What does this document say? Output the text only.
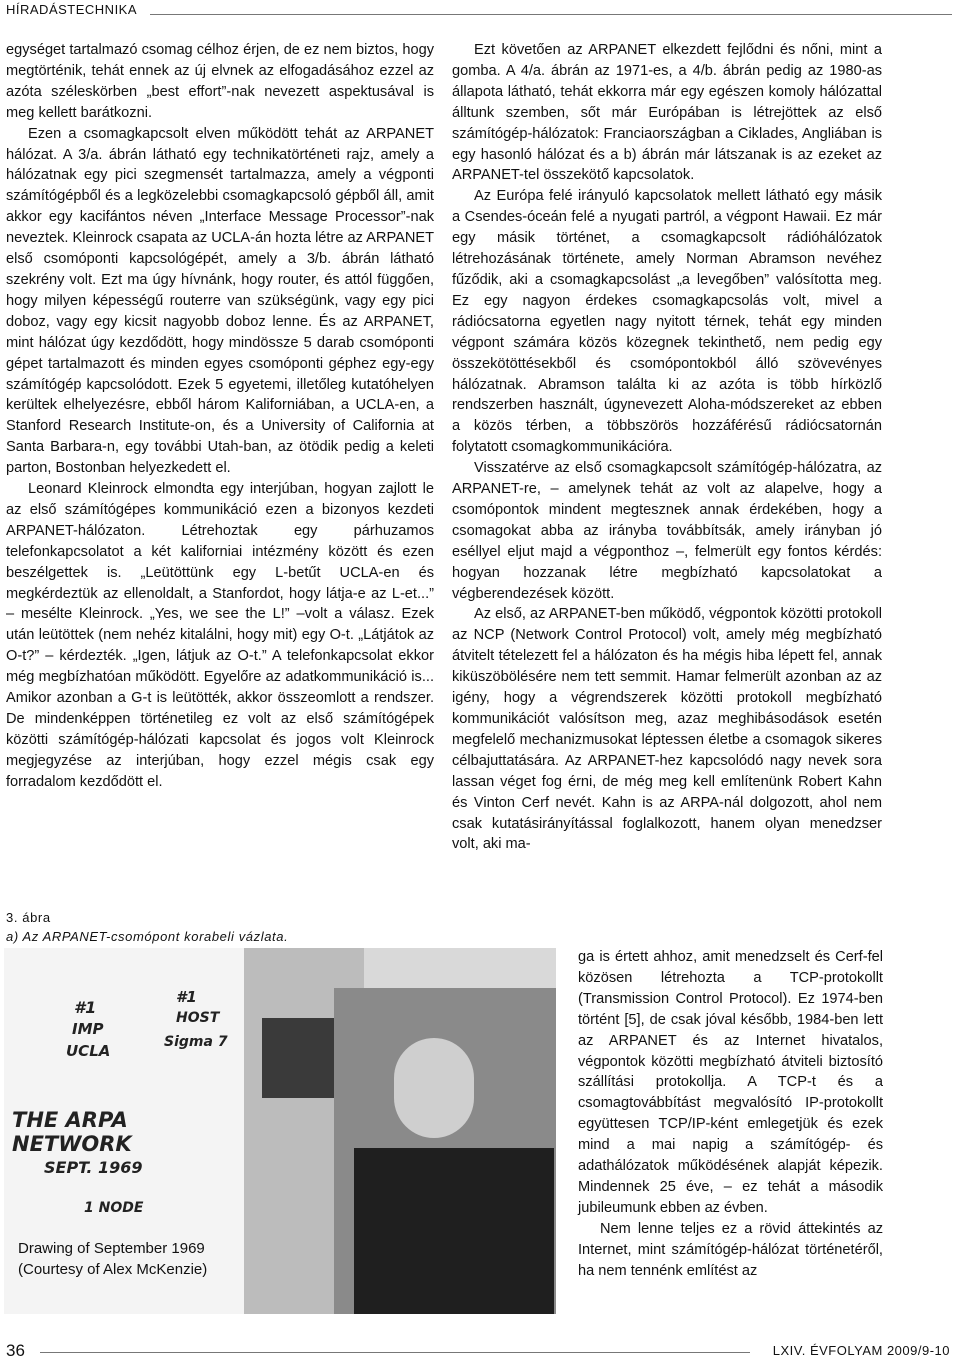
HÍRADÁSTECHNIKA

egységet tartalmazó csomag célhoz érjen, de ez nem biztos, hogy megtörténik, tehát ennek az új elvnek az elfogadásához ezzel az azóta széleskörben „best effort”-nak nevezett aspektusával is meg kellett barátkozni.

Ezen a csomagkapcsolt elven működött tehát az ARPANET hálózat. A 3/a. ábrán látható egy technikatörténeti rajz, amely a hálózatnak egy pici szegmensét tartalmazza, amely a végponti számítógépből és a legközelebbi csomagkapcsoló gépből áll, amit akkor egy kacifántos néven „Interface Message Processor”-nak neveztek. Kleinrock csapata az UCLA-án hozta létre az ARPANET első csomóponti kapcsológépét, amely a 3/b. ábrán látható szekrény volt. Ezt ma úgy hívnánk, hogy router, és attól függően, hogy milyen képességű routerre van szükségünk, vagy egy pici doboz, vagy egy kicsit nagyobb doboz lenne. És az ARPANET, mint hálózat úgy kezdődött, hogy mindössze 5 darab csomóponti gépet tartalmazott és minden egyes csomóponti géphez egy-egy számítógép kapcsolódott. Ezek 5 egyetemi, illetőleg kutatóhelyen kerültek elhelyezésre, ebből három Kaliforniában, a UCLA-en, a Stanford Research Institute-on, és a University of California at Santa Barbara-n, egy további Utah-ban, az ötödik pedig a keleti parton, Bostonban helyezkedett el.

Leonard Kleinrock elmondta egy interjúban, hogyan zajlott le az első számítógépes kommunikáció ezen a bizonyos kezdeti ARPANET-hálózaton. Létrehoztak egy párhuzamos telefonkapcsolatot a két kaliforniai intézmény között és ezen beszélgettek is. „Leütöttünk egy L-betűt UCLA-en és megkérdeztük az ellenoldalt, a Stanfordot, hogy látja-e az L-et...” – mesélte Kleinrock. „Yes, we see the L!” –volt a válasz. Ezek után leütöttek (nem nehéz kitalálni, hogy mit) egy O-t. „Látjátok az O-t?” – kérdezték. „Igen, látjuk az O-t.” A telefonkapcsolat ekkor még megbízhatóan működött. Egyelőre az adatkommunikáció is... Amikor azonban a G-t is leütötték, akkor összeomlott a rendszer. De mindenképpen történetileg ez volt az első számítógépek közötti számítógép-hálózati kapcsolat és jogos volt Kleinrock megjegyzése az interjúban, hogy ezzel mégis csak egy forradalom kezdődött el.

3. ábra
a) Az ARPANET-csomópont korabeli vázlata.
#1
IMP
UCLA
#1
HOST
Sigma 7
THE ARPA NETWORK
SEPT. 1969
1 NODE
Drawing of September 1969
(Courtesy of Alex McKenzie)

Ezt követően az ARPANET elkezdett fejlődni és nőni, mint a gomba. A 4/a. ábrán az 1971-es, a 4/b. ábrán pedig az 1980-as állapota látható, tehát ekkorra már egy egészen komoly hálózattal álltunk szemben, sőt már Európában is létrejöttek az első számítógép-hálózatok: Franciaországban a Ciklades, Angliában is egy hasonló hálózat és a b) ábrán már látszanak is az ezeket az ARPANET-tel összekötő kapcsolatok.

Az Európa felé irányuló kapcsolatok mellett látható egy másik a Csendes-óceán felé a nyugati partról, a végpont Hawaii. Ez már egy másik történet, a csomagkapcsolt rádióhálózatok létrehozásának története, amely Norman Abramson nevéhez fűződik, aki a csomagkapcsolást „a levegőben” valósította meg. Ez egy nagyon érdekes csomagkapcsolás volt, mivel a rádiócsatorna egyetlen nagy nyitott térnek, tehát egy minden végpont számára közös közegnek tekinthető, nem pedig egy összekötöttésekből és csomópontokból álló szövevényes hálózatnak. Abramson találta ki az azóta is több hírközlő rendszerben használt, úgynevezett Aloha-módszereket az ebben a közös térben, a többszörös hozzáférésű rádiócsatornán folytatott csomagkommunikációra.

Visszatérve az első csomagkapcsolt számítógép-hálózatra, az ARPANET-re, – amelynek tehát az volt az alapelve, hogy a csomópontok mindent megtesznek annak érdekében, hogy a csomagokat abba az irányba továbbítsák, amely irányban jó eséllyel eljut majd a végponthoz –, felmerült egy fontos kérdés: hogyan hozzanak létre megbízható kapcsolatokat a végberendezések között.

Az első, az ARPANET-ben működő, végpontok közötti protokoll az NCP (Network Control Protocol) volt, amely még megbízható átvitelt tételezett fel a hálózaton és ha mégis hiba lépett fel, annak kiküszöbölésére nem tett semmit. Hamar felmerült azonban az az igény, hogy a végrendszerek közötti protokoll megbízható kommunikációt valósítson meg, azaz meghibásodások esetén megfelelő mechanizmusokat léptessen életbe a csomagok sikeres célbajuttatására. Az ARPANET-hez kapcsolódó nagy nevek sora lassan véget fog érni, de még meg kell említenünk Robert Kahn és Vinton Cerf nevét. Kahn is az ARPA-nál dolgozott, ahol nem csak kutatásirányítással foglalkozott, hanem olyan menedzser volt, aki ma-

ga is értett ahhoz, amit menedzselt és Cerf-fel közösen létrehozta a TCP-protokollt (Transmission Control Protocol). Ez 1974-ben történt [5], de csak jóval később, 1984-ben lett az ARPANET és az Internet hivatalos, végpontok közötti megbízható átviteli biztosító szállítási protokollja. A TCP-t és a csomagtovábbítást megvalósító IP-protokollt együttesen TCP/IP-ként emlegetjük és ezek mind a mai napig a számítógép- és adathálózatok működésének alapját képezik. Mindennek 25 éve, – ez tehát a második jubileumunk ebben az évben.

Nem lenne teljes ez a rövid áttekintés az Internet, mint számítógép-hálózat történetéről, ha nem tennénk említést az

36	LXIV. ÉVFOLYAM 2009/9-10
